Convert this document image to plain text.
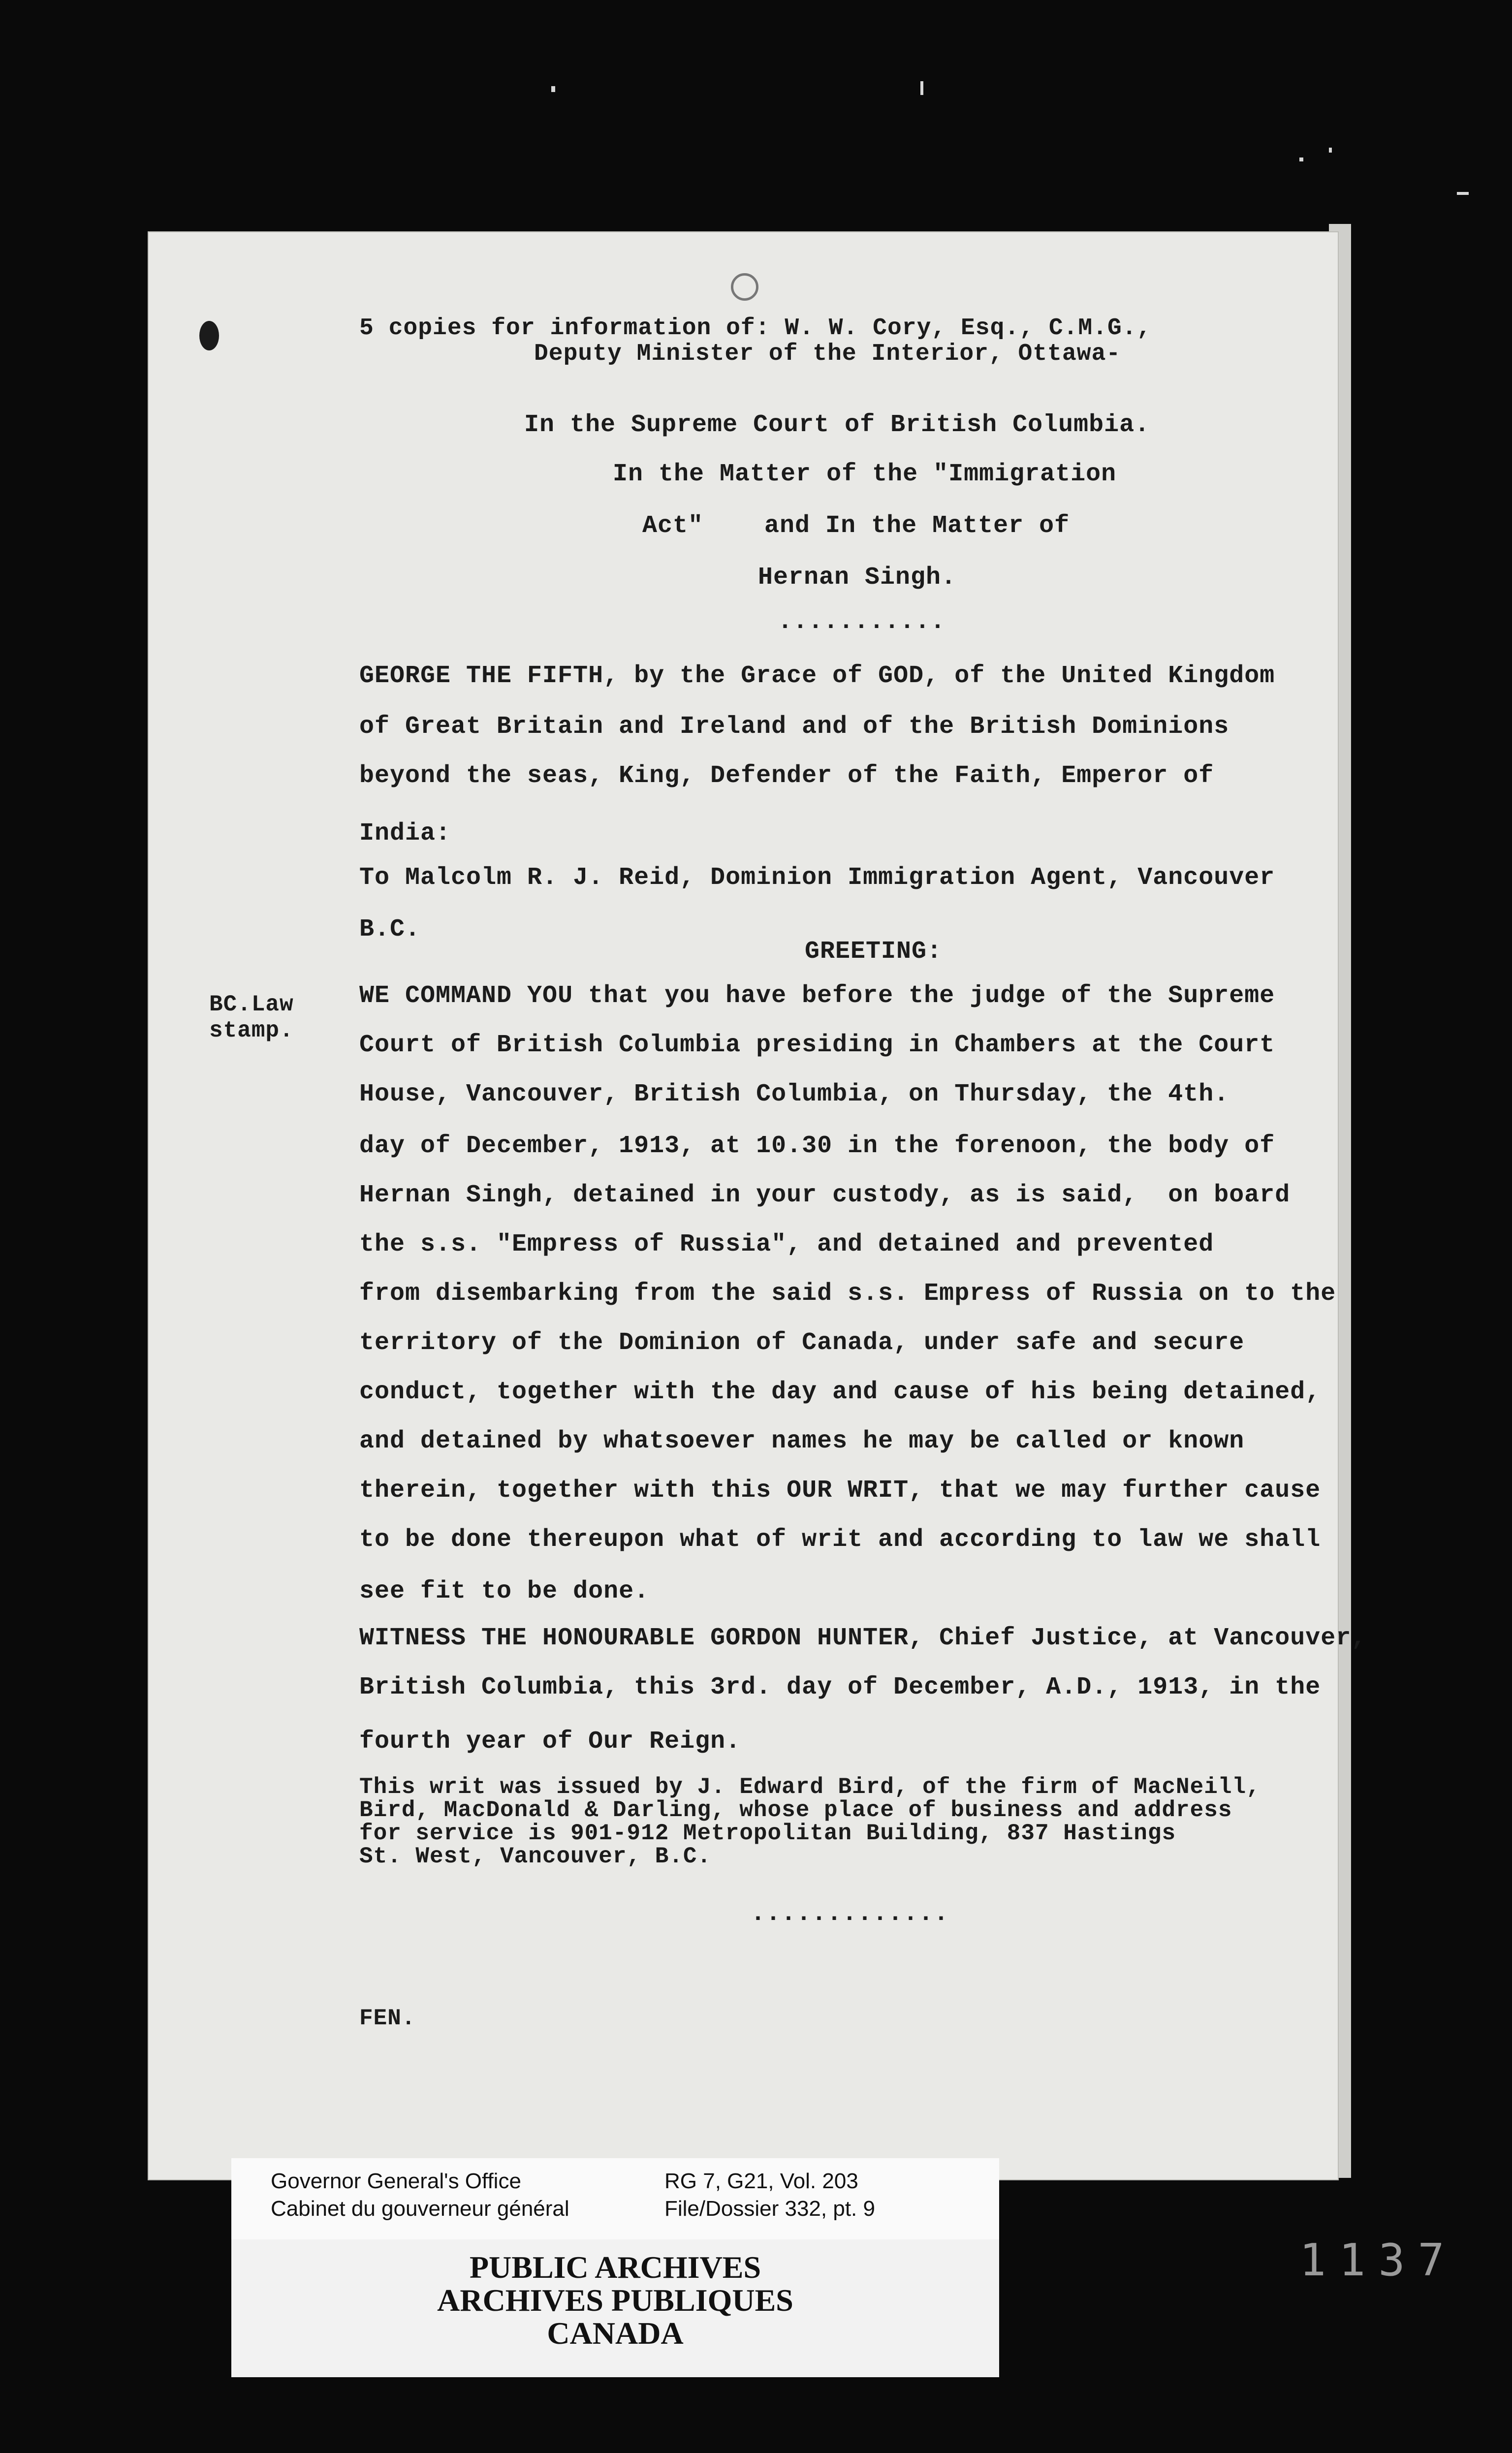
5 copies for information of: W. W. Cory, Esq., C.M.G.,

Deputy Minister of the Interior, Ottawa-

In the Supreme Court of British Columbia.

In the Matter of the "Immigration

Act"    and In the Matter of

Hernan Singh.

...........

GEORGE THE FIFTH, by the Grace of GOD, of the United Kingdom

of Great Britain and Ireland and of the British Dominions

beyond the seas, King, Defender of the Faith, Emperor of

India:

To Malcolm R. J. Reid, Dominion Immigration Agent, Vancouver

B.C.

GREETING:

BC.Law

stamp.

WE COMMAND YOU that you have before the judge of the Supreme

Court of British Columbia presiding in Chambers at the Court

House, Vancouver, British Columbia, on Thursday, the 4th.

day of December, 1913, at 10.30 in the forenoon, the body of

Hernan Singh, detained in your custody, as is said,  on board

the s.s. "Empress of Russia", and detained and prevented

from disembarking from the said s.s. Empress of Russia on to the

territory of the Dominion of Canada, under safe and secure

conduct, together with the day and cause of his being detained,

and detained by whatsoever names he may be called or known

therein, together with this OUR WRIT, that we may further cause

to be done thereupon what of writ and according to law we shall

see fit to be done.

WITNESS THE HONOURABLE GORDON HUNTER, Chief Justice, at Vancouver,

British Columbia, this 3rd. day of December, A.D., 1913, in the

fourth year of Our Reign.

This writ was issued by J. Edward Bird, of the firm of MacNeill,

Bird, MacDonald & Darling, whose place of business and address

for service is 901-912 Metropolitan Building, 837 Hastings

St. West, Vancouver, B.C.

.............

FEN.

Governor General's Office
Cabinet du gouverneur général
RG 7, G21, Vol. 203
File/Dossier 332, pt. 9
PUBLIC ARCHIVES
ARCHIVES PUBLIQUES
CANADA
1137
